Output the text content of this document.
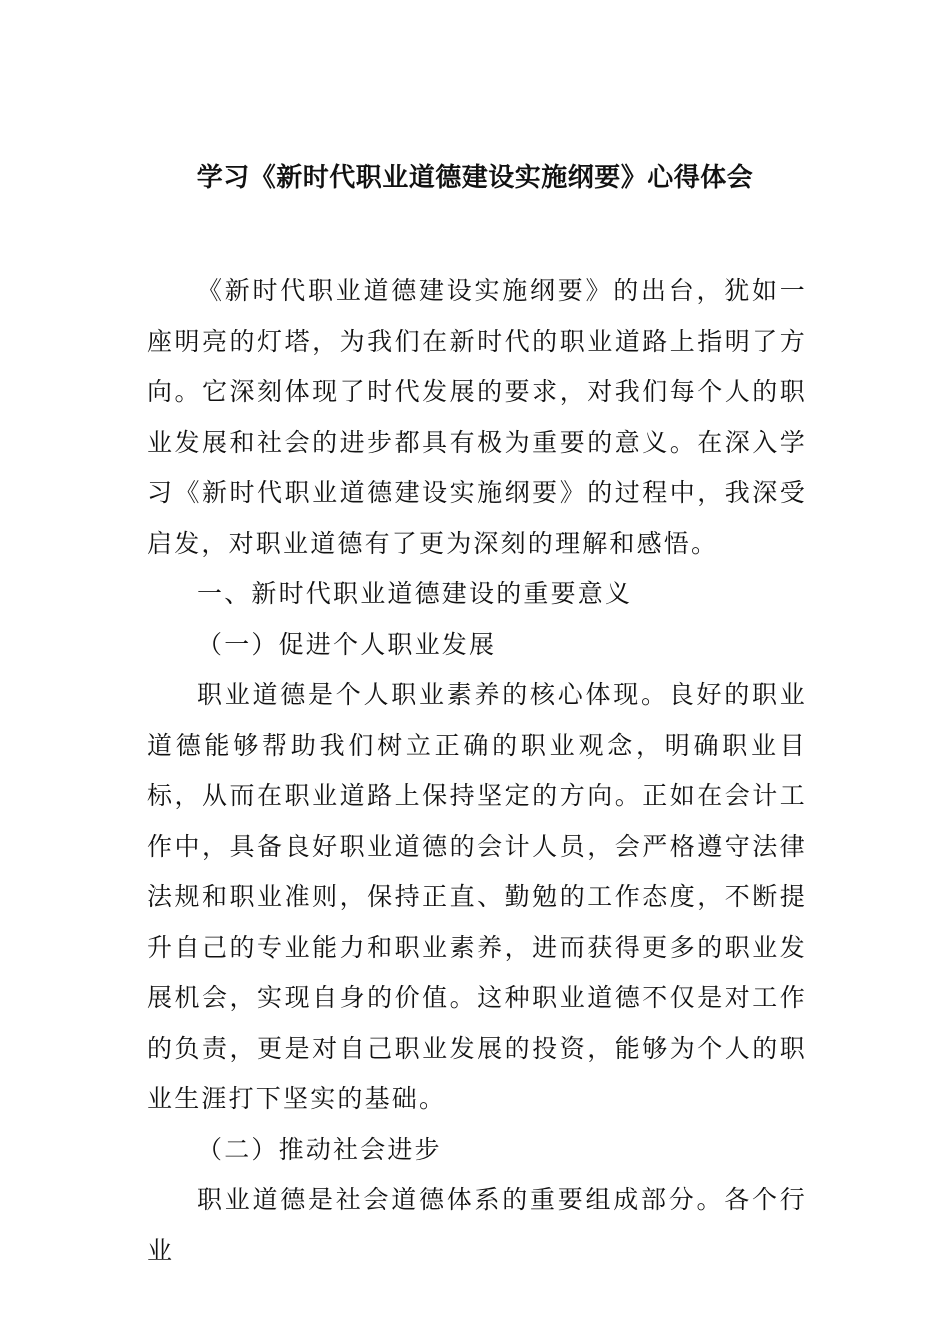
学习《新时代职业道德建设实施纲要》心得体会

《新时代职业道德建设实施纲要》的出台，犹如一座明亮的灯塔，为我们在新时代的职业道路上指明了方向。它深刻体现了时代发展的要求，对我们每个人的职业发展和社会的进步都具有极为重要的意义。在深入学习《新时代职业道德建设实施纲要》的过程中，我深受启发，对职业道德有了更为深刻的理解和感悟。

一、新时代职业道德建设的重要意义
（一）促进个人职业发展

职业道德是个人职业素养的核心体现。良好的职业道德能够帮助我们树立正确的职业观念，明确职业目标，从而在职业道路上保持坚定的方向。正如在会计工作中，具备良好职业道德的会计人员，会严格遵守法律法规和职业准则，保持正直、勤勉的工作态度，不断提升自己的专业能力和职业素养，进而获得更多的职业发展机会，实现自身的价值。这种职业道德不仅是对工作的负责，更是对自己职业发展的投资，能够为个人的职业生涯打下坚实的基础。

（二）推动社会进步

职业道德是社会道德体系的重要组成部分。各个行业
